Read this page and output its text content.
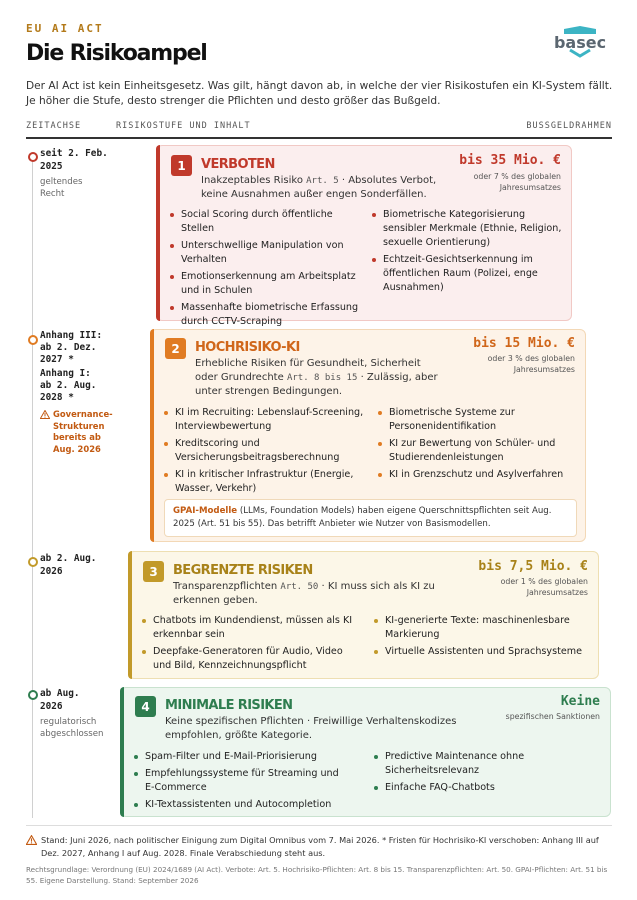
EU AI ACT
Die Risikoampel	basec
Der AI Act ist kein Einheitsgesetz. Was gilt, hängt davon ab, in welche der vier Risikostufen ein KI-System fällt. Je höher die Stufe, desto strenger die Pflichten und desto größer das Bußgeld.
ZEITACHSE	RISIKOSTUFE UND INHALT	BUSSGELDRAHMEN
seit 2. Feb. 2025
geltendes Recht
Anhang III:
ab 2. Dez.
2027 *
Anhang I:
ab 2. Aug.
2028 *
Governance-Strukturen bereits ab Aug. 2026
ab 2. Aug. 2026
ab Aug. 2026
regulatorisch abgeschlossen
1	VERBOTEN
Inakzeptables Risiko Art. 5 · Absolutes Verbot, keine Ausnahmen außer engen Sonderfällen.
bis 35 Mio. €
oder 7 % des globalen Jahresumsatzes
Social Scoring durch öffentliche Stellen
Unterschwellige Manipulation von Verhalten
Emotionserkennung am Arbeitsplatz und in Schulen
Massenhafte biometrische Erfassung durch CCTV-Scraping
Biometrische Kategorisierung sensibler Merkmale (Ethnie, Religion, sexuelle Orientierung)
Echtzeit-Gesichtserkennung im öffentlichen Raum (Polizei, enge Ausnahmen)
2	HOCHRISIKO-KI
Erhebliche Risiken für Gesundheit, Sicherheit oder Grundrechte Art. 8 bis 15 · Zulässig, aber unter strengen Bedingungen.
bis 15 Mio. €
oder 3 % des globalen Jahresumsatzes
KI im Recruiting: Lebenslauf-Screening, Interviewbewertung
Kreditscoring und Versicherungsbeitragsberechnung
KI in kritischer Infrastruktur (Energie, Wasser, Verkehr)
Biometrische Systeme zur Personenidentifikation
KI zur Bewertung von Schüler- und Studierendenleistungen
KI in Grenzschutz und Asylverfahren
GPAI-Modelle (LLMs, Foundation Models) haben eigene Querschnittspflichten seit Aug. 2025 (Art. 51 bis 55). Das betrifft Anbieter wie Nutzer von Basismodellen.
3	BEGRENZTE RISIKEN
Transparenzpflichten Art. 50 · KI muss sich als KI zu erkennen geben.
bis 7,5 Mio. €
oder 1 % des globalen Jahresumsatzes
Chatbots im Kundendienst, müssen als KI erkennbar sein
Deepfake-Generatoren für Audio, Video und Bild, Kennzeichnungspflicht
KI-generierte Texte: maschinenlesbare Markierung
Virtuelle Assistenten und Sprachsysteme
4	MINIMALE RISIKEN
Keine spezifischen Pflichten · Freiwillige Verhaltenskodizes empfohlen, größte Kategorie.
Keine
spezifischen Sanktionen
Spam-Filter und E-Mail-Priorisierung
Empfehlungssysteme für Streaming und E-Commerce
KI-Textassistenten und Autocompletion
Predictive Maintenance ohne Sicherheitsrelevanz
Einfache FAQ-Chatbots
Stand: Juni 2026, nach politischer Einigung zum Digital Omnibus vom 7. Mai 2026. * Fristen für Hochrisiko-KI verschoben: Anhang III auf Dez. 2027, Anhang I auf Aug. 2028. Finale Verabschiedung steht aus.
Rechtsgrundlage: Verordnung (EU) 2024/1689 (AI Act). Verbote: Art. 5. Hochrisiko-Pflichten: Art. 8 bis 15. Transparenzpflichten: Art. 50. GPAI-Pflichten: Art. 51 bis 55. Eigene Darstellung. Stand: September 2026
